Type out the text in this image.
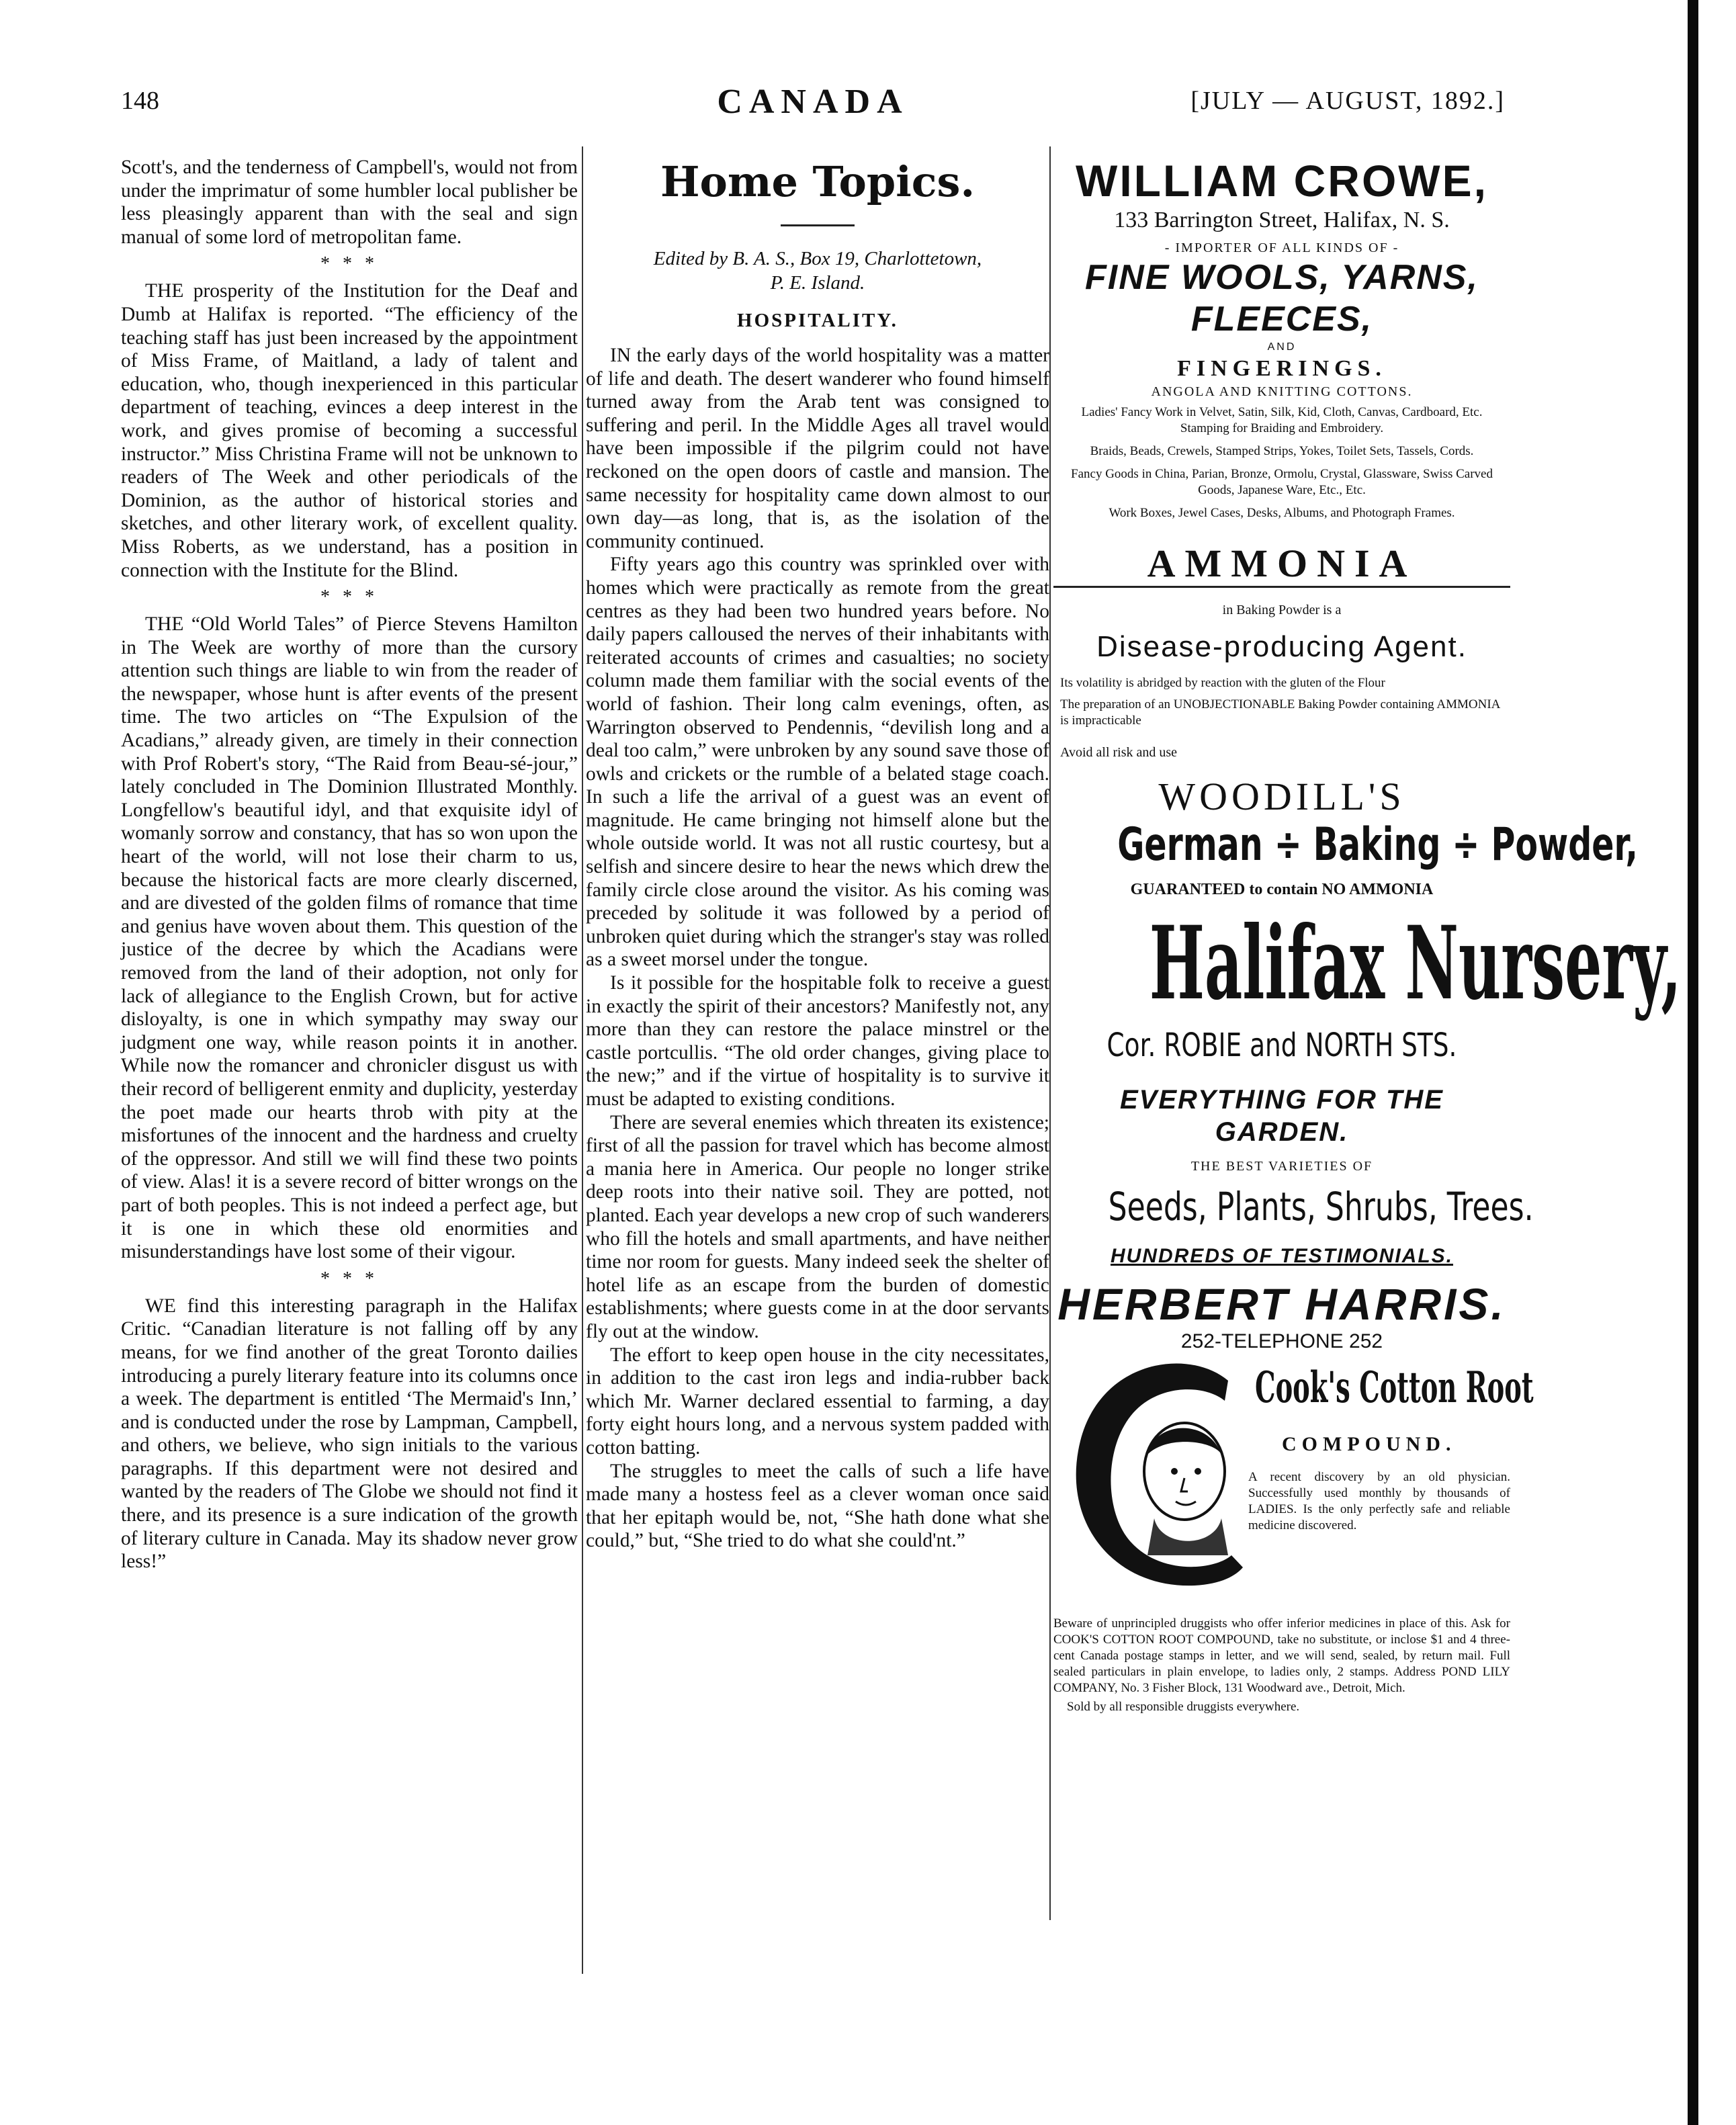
148	CANADA	[JULY — AUGUST, 1892.]

Scott's, and the tenderness of Campbell's, would not from under the imprimatur of some humbler local publisher be less pleasingly apparent than with the seal and sign manual of some lord of metropolitan fame.

* * *

THE prosperity of the Institution for the Deaf and Dumb at Halifax is reported. “The efficiency of the teaching staff has just been increased by the appointment of Miss Frame, of Maitland, a lady of talent and education, who, though inexperienced in this particular department of teaching, evinces a deep interest in the work, and gives promise of becoming a successful instructor.” Miss Christina Frame will not be unknown to readers of The Week and other periodicals of the Dominion, as the author of historical stories and sketches, and other literary work, of excellent quality. Miss Roberts, as we understand, has a position in connection with the Institute for the Blind.

* * *

THE “Old World Tales” of Pierce Stevens Hamilton in The Week are worthy of more than the cursory attention such things are liable to win from the reader of the newspaper, whose hunt is after events of the present time. The two articles on “The Expulsion of the Acadians,” already given, are timely in their connection with Prof Robert's story, “The Raid from Beau-sé-jour,” lately concluded in The Dominion Illustrated Monthly. Longfellow's beautiful idyl, and that exquisite idyl of womanly sorrow and constancy, that has so won upon the heart of the world, will not lose their charm to us, because the historical facts are more clearly discerned, and are divested of the golden films of romance that time and genius have woven about them. This question of the justice of the decree by which the Acadians were removed from the land of their adoption, not only for lack of allegiance to the English Crown, but for active disloyalty, is one in which sympathy may sway our judgment one way, while reason points it in another. While now the romancer and chronicler disgust us with their record of belligerent enmity and duplicity, yesterday the poet made our hearts throb with pity at the misfortunes of the innocent and the hardness and cruelty of the oppressor. And still we will find these two points of view. Alas! it is a severe record of bitter wrongs on the part of both peoples. This is not indeed a perfect age, but it is one in which these old enormities and misunderstandings have lost some of their vigour.

* * *

WE find this interesting paragraph in the Halifax Critic. “Canadian literature is not falling off by any means, for we find another of the great Toronto dailies introducing a purely literary feature into its columns once a week. The department is entitled ‘The Mermaid's Inn,’ and is conducted under the rose by Lampman, Campbell, and others, we believe, who sign initials to the various paragraphs. If this department were not desired and wanted by the readers of The Globe we should not find it there, and its presence is a sure indication of the growth of literary culture in Canada. May its shadow never grow less!”

Home Topics.
Edited by B. A. S., Box 19, Charlottetown,
P. E. Island.
HOSPITALITY.

IN the early days of the world hospitality was a matter of life and death. The desert wanderer who found himself turned away from the Arab tent was consigned to suffering and peril. In the Middle Ages all travel would have been impossible if the pilgrim could not have reckoned on the open doors of castle and mansion. The same necessity for hospitality came down almost to our own day—as long, that is, as the isolation of the community continued.

Fifty years ago this country was sprinkled over with homes which were practically as remote from the great centres as they had been two hundred years before. No daily papers calloused the nerves of their inhabitants with reiterated accounts of crimes and casualties; no society column made them familiar with the social events of the world of fashion. Their long calm evenings, often, as Warrington observed to Pendennis, “devilish long and a deal too calm,” were unbroken by any sound save those of owls and crickets or the rumble of a belated stage coach. In such a life the arrival of a guest was an event of magnitude. He came bringing not himself alone but the whole outside world. It was not all rustic courtesy, but a selfish and sincere desire to hear the news which drew the family circle close around the visitor. As his coming was preceded by solitude it was followed by a period of unbroken quiet during which the stranger's stay was rolled as a sweet morsel under the tongue.

Is it possible for the hospitable folk to receive a guest in exactly the spirit of their ancestors? Manifestly not, any more than they can restore the palace minstrel or the castle portcullis. “The old order changes, giving place to the new;” and if the virtue of hospitality is to survive it must be adapted to existing conditions.

There are several enemies which threaten its existence; first of all the passion for travel which has become almost a mania here in America. Our people no longer strike deep roots into their native soil. They are potted, not planted. Each year develops a new crop of such wanderers who fill the hotels and small apartments, and have neither time nor room for guests. Many indeed seek the shelter of hotel life as an escape from the burden of domestic establishments; where guests come in at the door servants fly out at the window.

The effort to keep open house in the city necessitates, in addition to the cast iron legs and india-rubber back which Mr. Warner declared essential to farming, a day forty eight hours long, and a nervous system padded with cotton batting.

The struggles to meet the calls of such a life have made many a hostess feel as a clever woman once said that her epitaph would be, not, “She hath done what she could,” but, “She tried to do what she could'nt.”

WILLIAM CROWE,
133 Barrington Street, Halifax, N. S.
- IMPORTER OF ALL KINDS OF -
FINE WOOLS, YARNS, FLEECES,
AND
FINGERINGS.
ANGOLA AND KNITTING COTTONS.
Ladies' Fancy Work in Velvet, Satin, Silk, Kid, Cloth, Canvas, Cardboard, Etc. Stamping for Braiding and Embroidery.
Braids, Beads, Crewels, Stamped Strips, Yokes, Toilet Sets, Tassels, Cords.
Fancy Goods in China, Parian, Bronze, Ormolu, Crystal, Glassware, Swiss Carved Goods, Japanese Ware, Etc., Etc.
Work Boxes, Jewel Cases, Desks, Albums, and Photograph Frames.
AMMONIA
in Baking Powder is a
Disease-producing Agent.
Its volatility is abridged by reaction with the gluten of the Flour
The preparation of an UNOBJECTIONABLE Baking Powder containing AMMONIA is impracticable
Avoid all risk and use
WOODILL'S
German ÷ Baking ÷ Powder,
GUARANTEED to contain NO AMMONIA
Halifax Nursery,
Cor. ROBIE and NORTH STS.
EVERYTHING FOR THE GARDEN.
THE BEST VARIETIES OF
Seeds, Plants, Shrubs, Trees.
HUNDREDS OF TESTIMONIALS.
HERBERT HARRIS.
252-TELEPHONE 252
Cook's Cotton Root
COMPOUND.
A recent discovery by an old physician. Successfully used monthly by thousands of LADIES. Is the only perfectly safe and reliable medicine discovered.
Beware of unprincipled druggists who offer inferior medicines in place of this. Ask for COOK'S COTTON ROOT COMPOUND, take no substitute, or inclose $1 and 4 three-cent Canada postage stamps in letter, and we will send, sealed, by return mail. Full sealed particulars in plain envelope, to ladies only, 2 stamps. Address POND LILY COMPANY, No. 3 Fisher Block, 131 Woodward ave., Detroit, Mich.
Sold by all responsible druggists everywhere.
